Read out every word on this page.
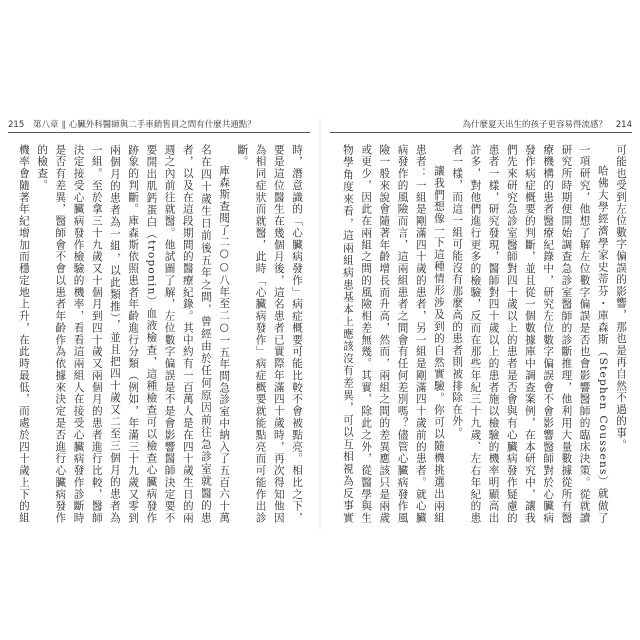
215 第八章 ‖ 心臟外科醫師與二手車銷售員之間有什麼共通點？

時，潛意識的「心臟病發作」病症概要可能比較不會被點亮。相比之下，要是這位醫生在幾個月後，這名患者已實際年滿四十歲時，再次得知他因為相同症狀而就醫，此時「心臟病發作」病症概要就能點亮而可能作出診斷。

庫森斯查閱了二○○八年至二○一五年間急診室中納入了五百六十萬名在四十歲生日前後五年之間，曾經由於任何原因前往急診室就醫的患者，以及在這段期間的醫療紀錄。其中約有一百萬人是在四十歲生日的兩週之內前往就醫。他試圖了解，左位數字偏誤是不是會影響醫師決定要不要開出肌鈣蛋白（troponin）血液檢查，這種檢查可以檢查心臟病發作跡象的判斷。庫森斯依照患者年齡進行分類（例如，年滿三十九歲又零到兩個月的患者為一組，以此類推），並且把四十歲又二至三個月的患者為一組。至於拿三十九歲又十個月到四十歲又兩個月的患者進行比較，醫師決定接受心臟病發作檢驗的機率，看看這兩組人在接受心臟病發作診斷時是否有差異，醫師會不會以患者年齡作為依據來決定是否進行心臟病發作的檢查。

機率會隨著年紀增加而穩定地上升，在此時最低，而處於四十歲上下的組

為什麼夏天出生的孩子更容易得流感？ 214

可能也受到左位數字偏誤的影響，那也是再自然不過的事。

哈佛大學經濟學家史蒂芬・庫森斯（Stephen Coussens）就做了一項研究，他想了解左位數字偏誤是否也會影響醫師的臨床決策。從就讀研究所時期便開始調查急診室醫師的診斷推理，他利用大量數據從所有醫療機構的患者醫療紀錄中，研究左位數字偏誤會不會影響醫師對於心臟病發作病症概要的判斷，並且從一個數據庫中調查案例，在本研究中，讓我們先來研究急診室醫師對四十歲以上的患者是否會與有心臟病發作疑慮的患者一樣，研究發現，醫師對四十歲以上的患者施以檢驗的機率明顯高出許多，對他們進行更多的檢驗，反而在那些年紀三十九歲、左右年紀的患者一樣，而這一組可能沒有那麼高的患者則被排除在外。

讓我們想像一下這種情形涉及到的自然實驗。你可以隨機挑選出兩組患者：一組是剛滿四十歲的患者，另一組是剛滿四十歲前的患者。就心臟病發作的風險而言，這兩組患者之間會有任何差別嗎？儘管心臟病發作風險一般來說會隨著年齡增長而升高，然而，兩組之間的差異應該只是兩歲或更少，因此在兩組之間的風險相差無幾。其實，除此之外，從醫學與生物學角度來看，這兩組病患基本上應該沒有差異，可以互相視為反事實
